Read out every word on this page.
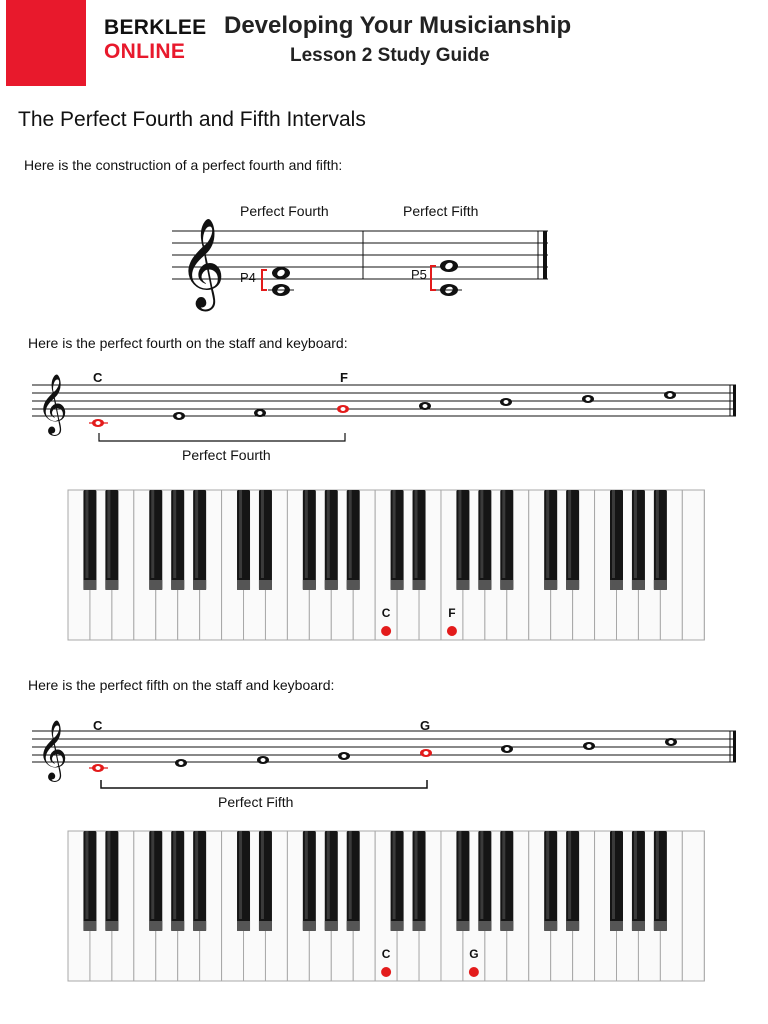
BERKLEE
ONLINE
Developing Your Musicianship
Lesson 2 Study Guide
The Perfect Fourth and Fifth Intervals
Here is the construction of a perfect fourth and fifth:
𝄞
Perfect Fourth	Perfect Fifth
P4	P5
Here is the perfect fourth on the staff and keyboard:
𝄞 C	F
Perfect Fourth
C	F
Here is the perfect fifth on the staff and keyboard:
𝄞 C	G
Perfect Fifth
C	G
